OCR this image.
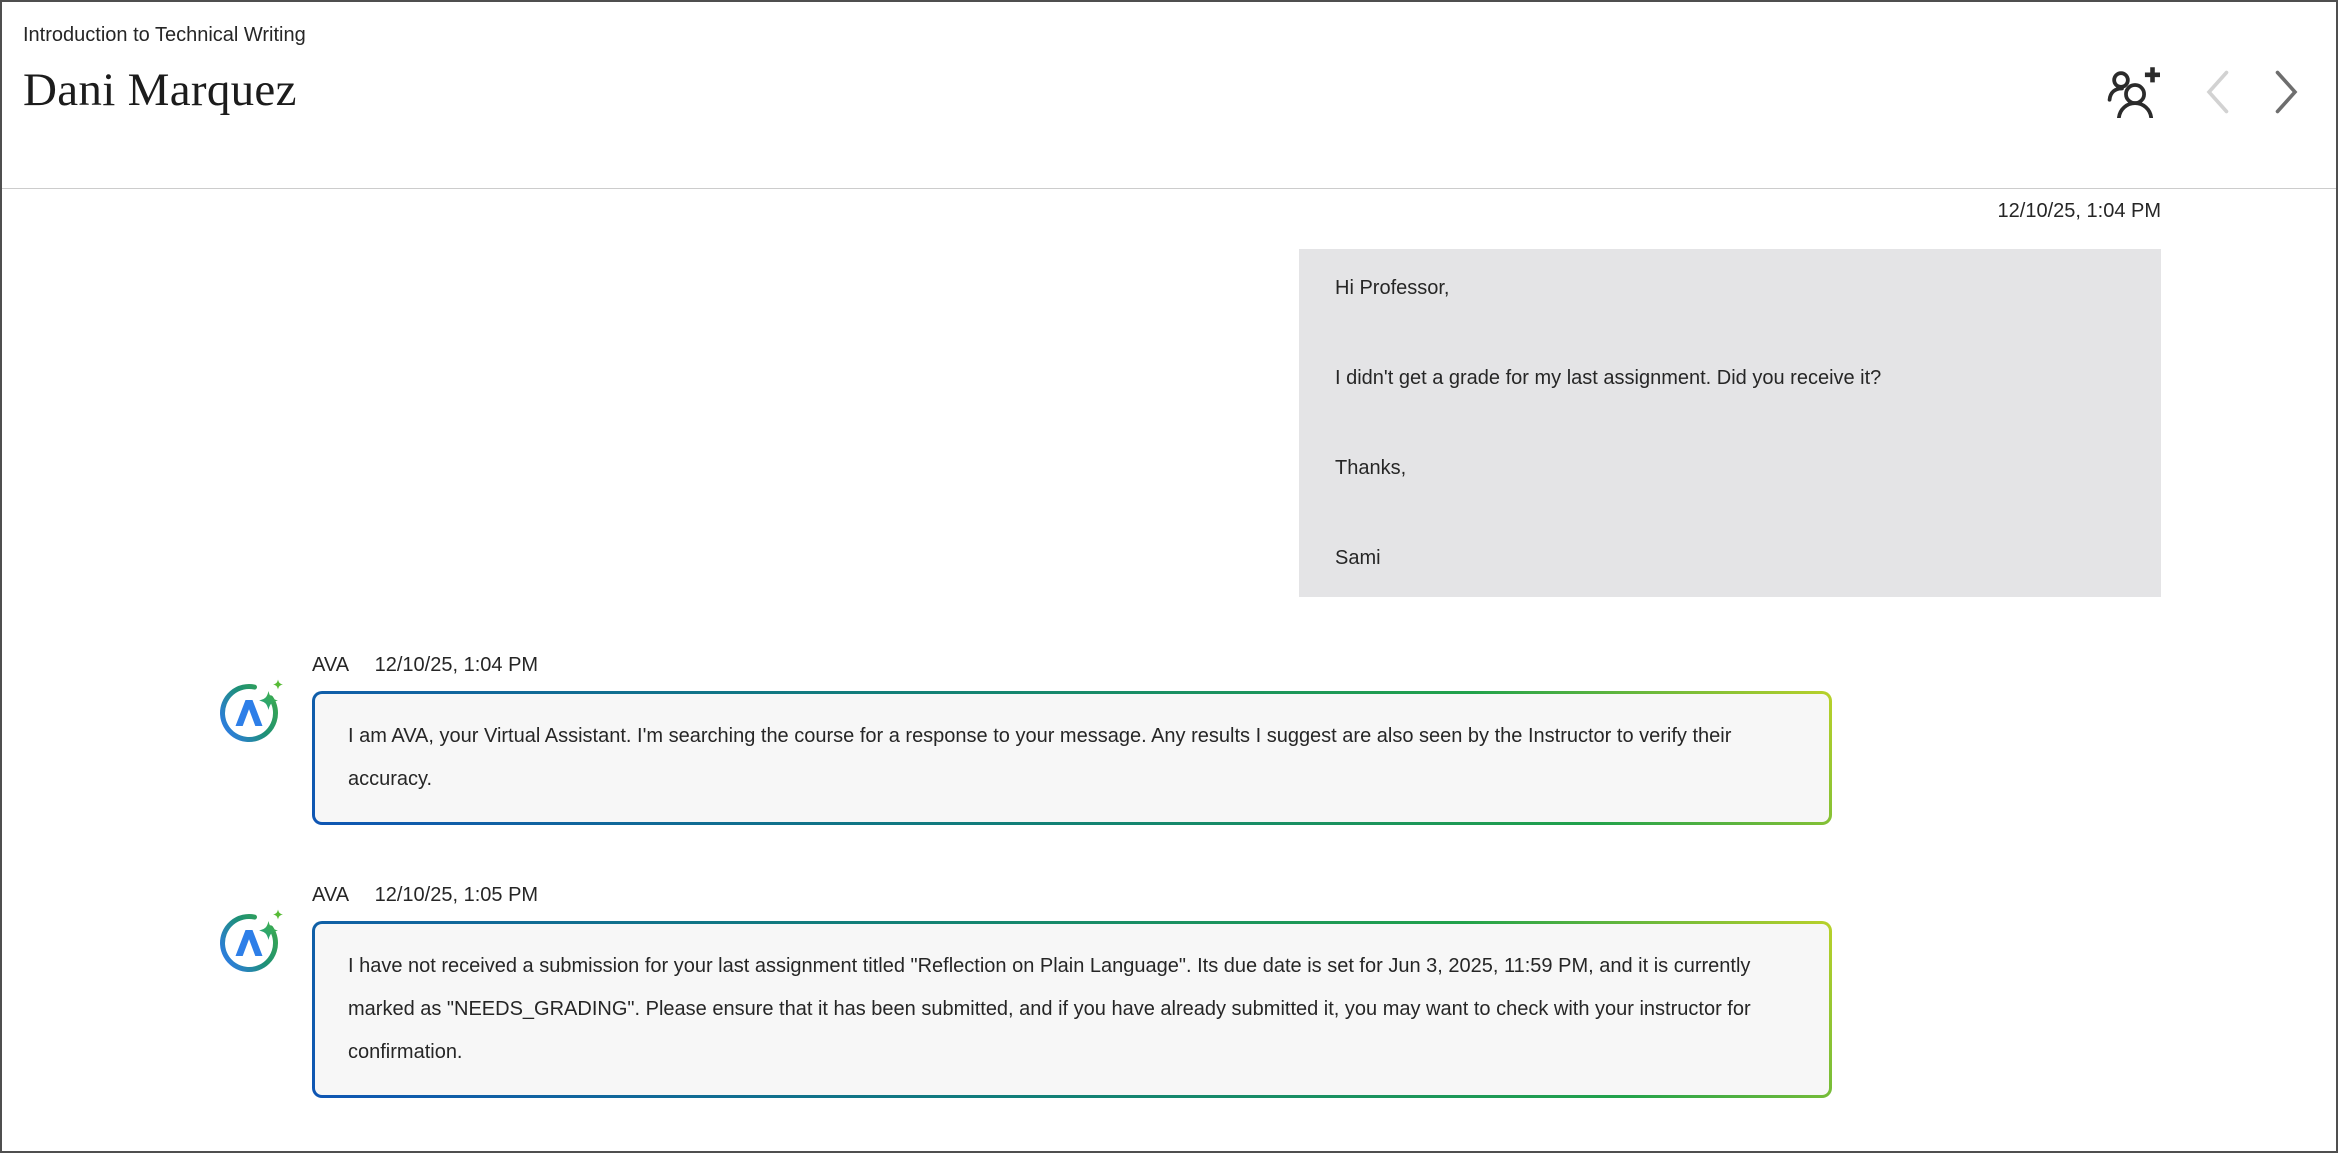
Introduction to Technical Writing
Dani Marquez
12/10/25, 1:04 PM

Hi Professor,

I didn't get a grade for my last assignment. Did you receive it?

Thanks,

Sami

AVA 12/10/25, 1:04 PM

I am AVA, your Virtual Assistant. I'm searching the course for a response to your message. Any results I suggest are also seen by the Instructor to verify their accuracy.

AVA 12/10/25, 1:05 PM

I have not received a submission for your last assignment titled "Reflection on Plain Language". Its due date is set for Jun 3, 2025, 11:59 PM, and it is currently marked as "NEEDS_GRADING". Please ensure that it has been submitted, and if you have already submitted it, you may want to check with your instructor for confirmation.
